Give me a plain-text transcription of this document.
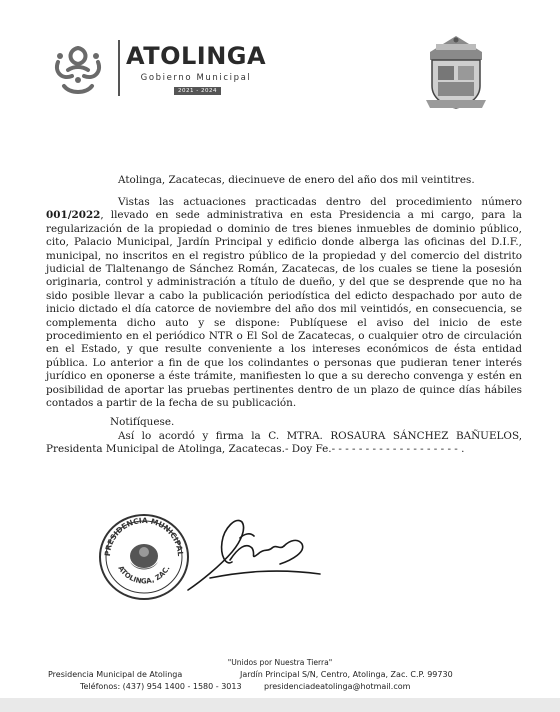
ATOLINGA
Gobierno Municipal
2021 - 2024

Atolinga, Zacatecas, diecinueve de enero del año dos mil veintitres.

Vistas las actuaciones practicadas dentro del procedimiento número 001/2022, llevado en sede administrativa en esta Presidencia a mi cargo, para la regularización de la propiedad o dominio de tres bienes inmuebles de dominio público, cito, Palacio Municipal, Jardín Principal y edificio donde alberga las oficinas del D.I.F., municipal, no inscritos en el registro público de la propiedad y del comercio del distrito judicial de Tlaltenango de Sánchez Román, Zacatecas, de los cuales se tiene la posesión originaria, control y administración a título de dueño, y del que se desprende que no ha sido posible llevar a cabo la publicación periodística del edicto despachado por auto de inicio dictado el día catorce de noviembre del año dos mil veintidós, en consecuencia, se complementa dicho auto y se dispone: Publíquese el aviso del inicio de este procedimiento en el periódico NTR o El Sol de Zacatecas, o cualquier otro de circulación en el Estado, y que resulte conveniente a los intereses económicos de ésta entidad pública. Lo anterior a fin de que los colindantes o personas que pudieran tener interés jurídico en oponerse a éste trámite, manifiesten lo que a su derecho convenga y estén en posibilidad de aportar las pruebas pertinentes dentro de un plazo de quince días hábiles contados a partir de la fecha de su publicación.

Notifíquese.

Así lo acordó y firma la C. MTRA. ROSAURA SÁNCHEZ BAÑUELOS, Presidenta Municipal de Atolinga, Zacatecas.- Doy Fe.- - - - - - - - - - - - - - - - - - - .

PRESIDENCIA MUNICIPAL
ATOLINGA, ZAC.
"Unidos por Nuestra Tierra"
Presidencia Municipal de Atolinga	Jardín Principal S/N, Centro, Atolinga, Zac. C.P. 99730
Teléfonos: (437) 954 1400 - 1580 - 3013	presidenciadeatolinga@hotmail.com
